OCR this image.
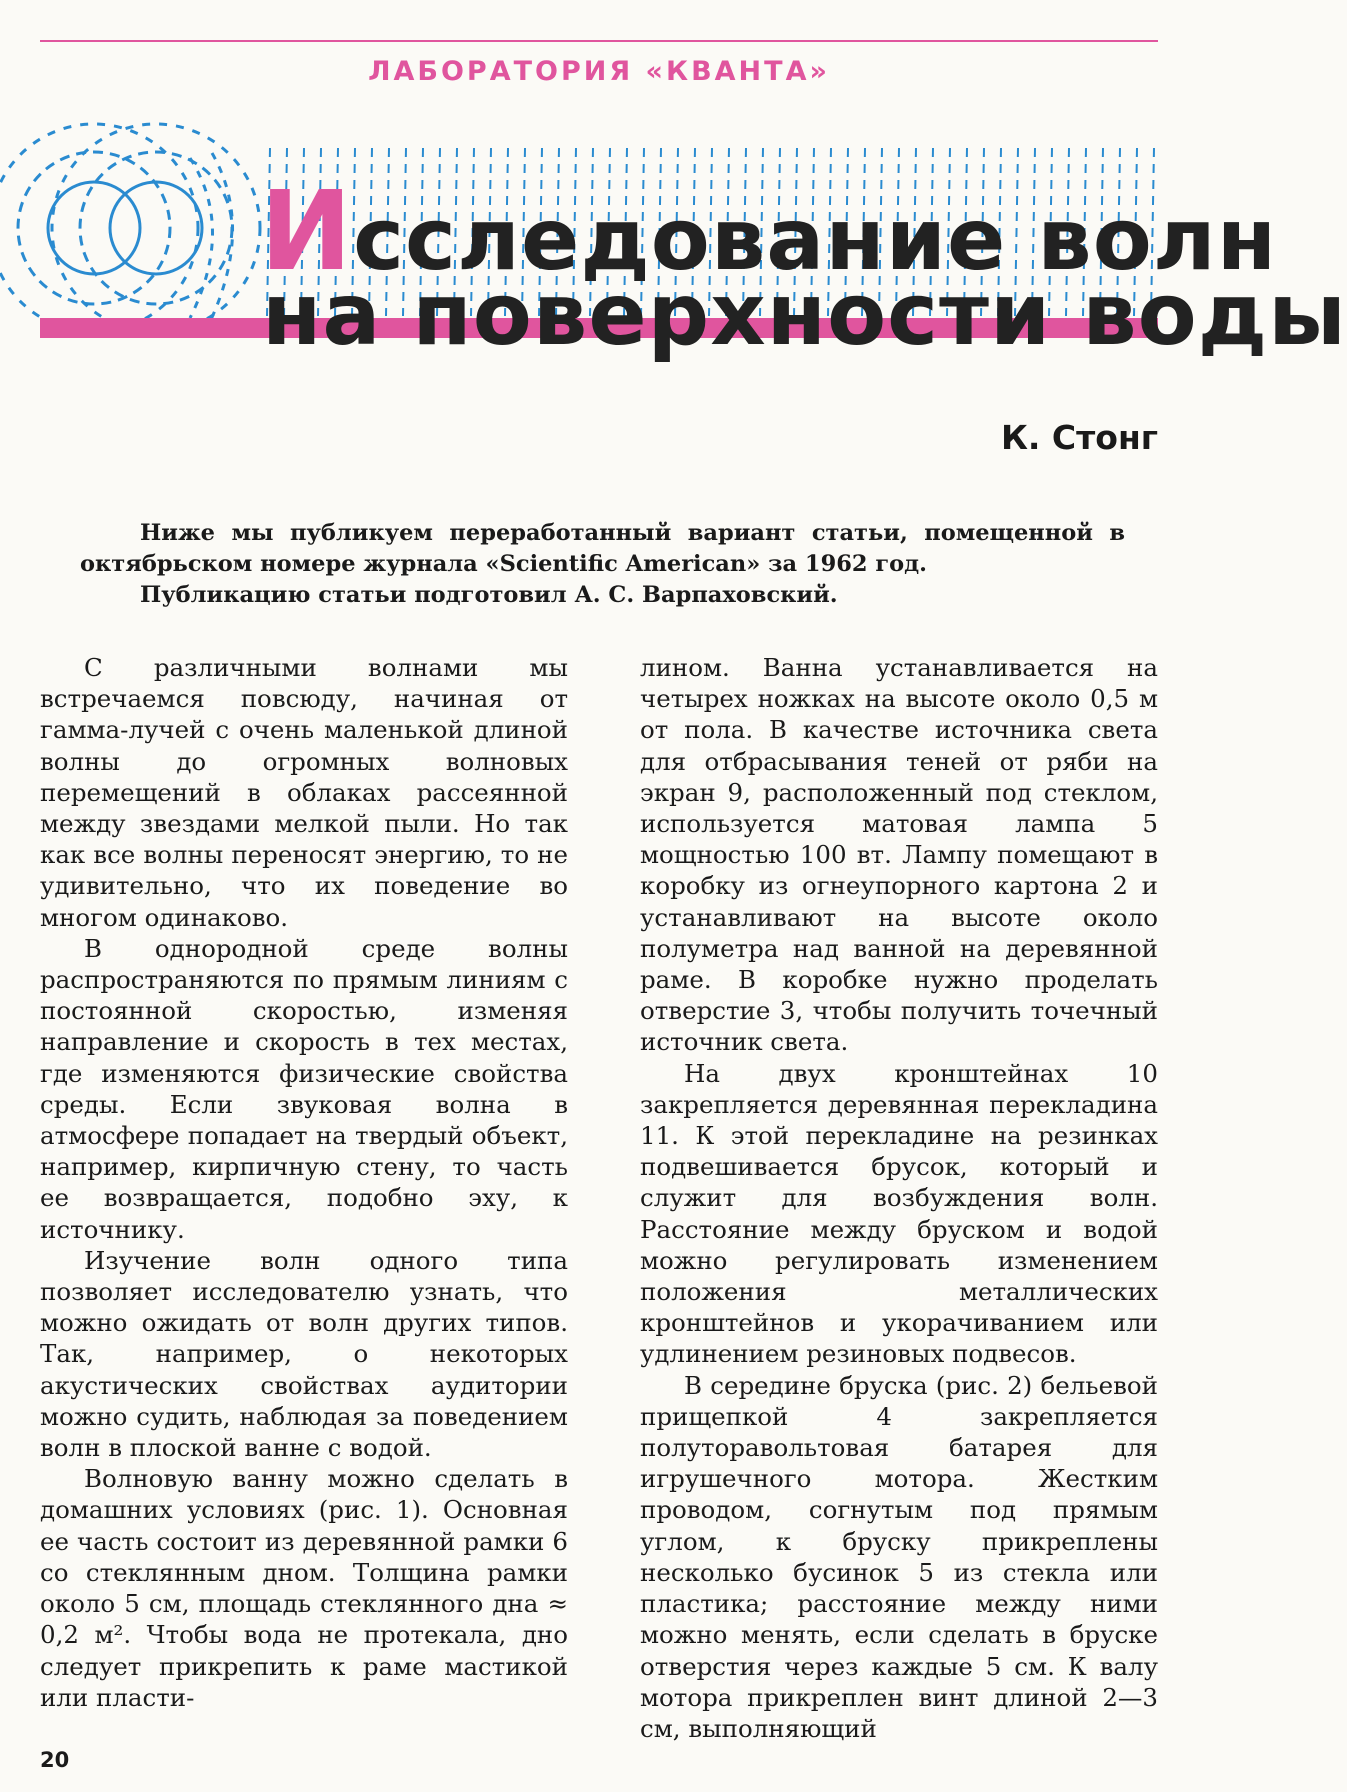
ЛАБОРАТОРИЯ «КВАНТА»
Исследование волн
на поверхности воды
К. Стонг

Ниже мы публикуем переработанный вариант статьи, помещенной в октябрьском номере журнала «Scientific American» за 1962 год.

Публикацию статьи подготовил А. С. Варпаховский.

С различными волнами мы встречаемся повсюду, начиная от гамма-лучей с очень маленькой длиной волны до огромных волновых перемещений в облаках рассеянной между звездами мелкой пыли. Но так как все волны переносят энергию, то не удивительно, что их поведение во многом одинаково.

В однородной среде волны распространяются по прямым линиям с постоянной скоростью, изменяя направление и скорость в тех местах, где изменяются физические свойства среды. Если звуковая волна в атмосфере попадает на твердый объект, например, кирпичную стену, то часть ее возвращается, подобно эху, к источнику.

Изучение волн одного типа позволяет исследователю узнать, что можно ожидать от волн других типов. Так, например, о некоторых акустических свойствах аудитории можно судить, наблюдая за поведением волн в плоской ванне с водой.

Волновую ванну можно сделать в домашних условиях (рис. 1). Основная ее часть состоит из деревянной рамки 6 со стеклянным дном. Толщина рамки около 5 см, площадь стеклянного дна ≈ 0,2 м². Чтобы вода не протекала, дно следует прикрепить к раме мастикой или пласти-

лином. Ванна устанавливается на четырех ножках на высоте около 0,5 м от пола. В качестве источника света для отбрасывания теней от ряби на экран 9, расположенный под стеклом, используется матовая лампа 5 мощностью 100 вт. Лампу помещают в коробку из огнеупорного картона 2 и устанавливают на высоте около полуметра над ванной на деревянной раме. В коробке нужно проделать отверстие 3, чтобы получить точечный источник света.

На двух кронштейнах 10 закрепляется деревянная перекладина 11. К этой перекладине на резинках подвешивается брусок, который и служит для возбуждения волн. Расстояние между бруском и водой можно регулировать изменением положения металлических кронштейнов и укорачиванием или удлинением резиновых подвесов.

В середине бруска (рис. 2) бельевой прищепкой 4 закрепляется полуторавольтовая батарея для игрушечного мотора. Жестким проводом, согнутым под прямым углом, к бруску прикреплены несколько бусинок 5 из стекла или пластика; расстояние между ними можно менять, если сделать в бруске отверстия через каждые 5 см. К валу мотора прикреплен винт длиной 2—3 см, выполняющий

20
